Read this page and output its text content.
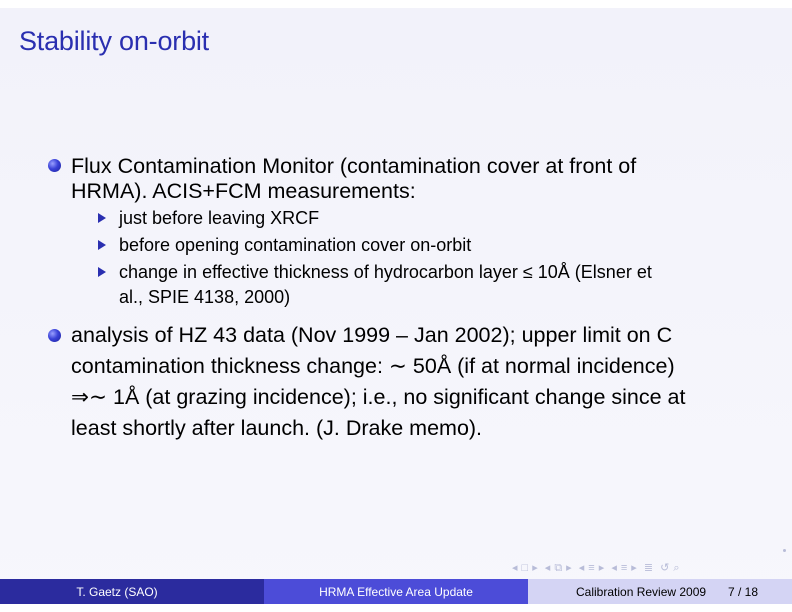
Stability on-orbit
Flux Contamination Monitor (contamination cover at front of
HRMA). ACIS+FCM measurements:
just before leaving XRCF
before opening contamination cover on-orbit
change in effective thickness of hydrocarbon layer ≤ 10Å (Elsner et
al., SPIE 4138, 2000)
analysis of HZ 43 data (Nov 1999 – Jan 2002); upper limit on C
contamination thickness change: ∼ 50Å (if at normal incidence)
⇒∼ 1Å (at grazing incidence); i.e., no significant change since at
least shortly after launch. (J. Drake memo).
◂ □ ▸ ◂ ⧉ ▸ ◂ ≡ ▸ ◂ ≡ ▸ ≣ ↺ ⌕
T. Gaetz (SAO)	HRMA Effective Area Update	Calibration Review 2009 7 / 18
